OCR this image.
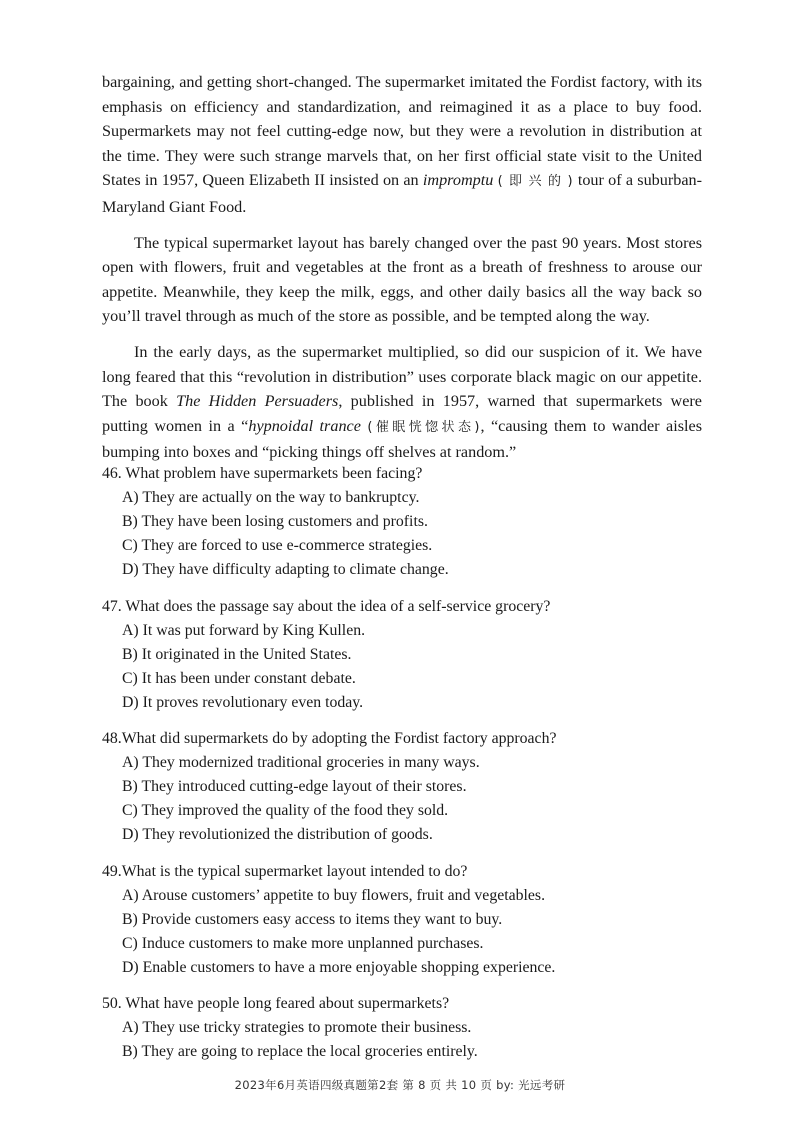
bargaining, and getting short-changed. The supermarket imitated the Fordist factory, with its emphasis on efficiency and standardization, and reimagined it as a place to buy food. Supermarkets may not feel cutting-edge now, but they were a revolution in distribution at the time. They were such strange marvels that, on her first official state visit to the United States in 1957, Queen Elizabeth II insisted on an impromptu ( 即 兴 的 ) tour of a suburban-Maryland Giant Food.

The typical supermarket layout has barely changed over the past 90 years. Most stores open with flowers, fruit and vegetables at the front as a breath of freshness to arouse our appetite. Meanwhile, they keep the milk, eggs, and other daily basics all the way back so you’ll travel through as much of the store as possible, and be tempted along the way.

In the early days, as the supermarket multiplied, so did our suspicion of it. We have long feared that this “revolution in distribution” uses corporate black magic on our appetite. The book The Hidden Persuaders, published in 1957, warned that supermarkets were putting women in a “hypnoidal trance (催眠恍惚状态), “causing them to wander aisles bumping into boxes and “picking things off shelves at random.”

46. What problem have supermarkets been facing?

A) They are actually on the way to bankruptcy.

B) They have been losing customers and profits.

C) They are forced to use e-commerce strategies.

D) They have difficulty adapting to climate change.

47. What does the passage say about the idea of a self-service grocery?

A) It was put forward by King Kullen.

B) It originated in the United States.

C) It has been under constant debate.

D) It proves revolutionary even today.

48.What did supermarkets do by adopting the Fordist factory approach?

A) They modernized traditional groceries in many ways.

B) They introduced cutting-edge layout of their stores.

C) They improved the quality of the food they sold.

D) They revolutionized the distribution of goods.

49.What is the typical supermarket layout intended to do?

A) Arouse customers’ appetite to buy flowers, fruit and vegetables.

B) Provide customers easy access to items they want to buy.

C) Induce customers to make more unplanned purchases.

D) Enable customers to have a more enjoyable shopping experience.

50. What have people long feared about supermarkets?

A) They use tricky strategies to promote their business.

B) They are going to replace the local groceries entirely.

2023年6月英语四级真题第2套 第 8 页 共 10 页 by: 光远考研
